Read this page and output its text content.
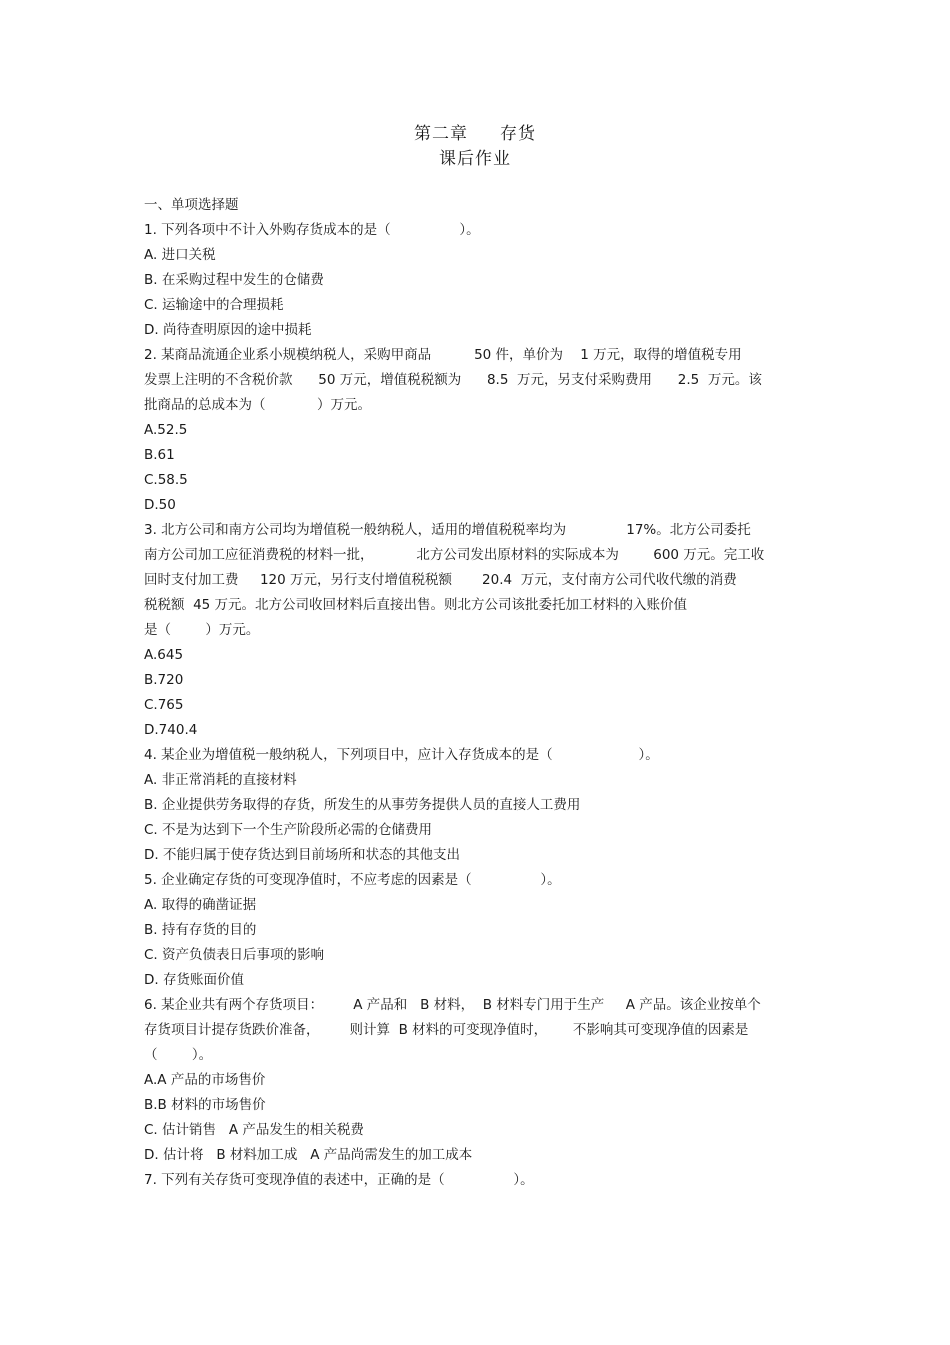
第二章     存货
课后作业
一、单项选择题
1. 下列各项中不计入外购存货成本的是（                ）。
A. 进口关税
B. 在采购过程中发生的仓储费
C. 运输途中的合理损耗
D. 尚待查明原因的途中损耗
2. 某商品流通企业系小规模纳税人，采购甲商品          50 件，单价为    1 万元，取得的增值税专用
发票上注明的不含税价款      50 万元，增值税税额为      8.5  万元，另支付采购费用      2.5  万元。该
批商品的总成本为（            ）万元。
A.52.5
B.61
C.58.5
D.50
3. 北方公司和南方公司均为增值税一般纳税人，适用的增值税税率均为              17%。北方公司委托
南方公司加工应征消费税的材料一批，          北方公司发出原材料的实际成本为        600 万元。完工收
回时支付加工费     120 万元，另行支付增值税税额       20.4  万元，支付南方公司代收代缴的消费
税税额  45 万元。北方公司收回材料后直接出售。则北方公司该批委托加工材料的入账价值
是（        ）万元。
A.645
B.720
C.765
D.740.4
4. 某企业为增值税一般纳税人，下列项目中，应计入存货成本的是（                    ）。
A. 非正常消耗的直接材料
B. 企业提供劳务取得的存货，所发生的从事劳务提供人员的直接人工费用
C. 不是为达到下一个生产阶段所必需的仓储费用
D. 不能归属于使存货达到目前场所和状态的其他支出
5. 企业确定存货的可变现净值时，不应考虑的因素是（                ）。
A. 取得的确凿证据
B. 持有存货的目的
C. 资产负债表日后事项的影响
D. 存货账面价值
6. 某企业共有两个存货项目：       A 产品和   B 材料，  B 材料专门用于生产     A 产品。该企业按单个
存货项目计提存货跌价准备，       则计算  B 材料的可变现净值时，      不影响其可变现净值的因素是
（        ）。
A.A 产品的市场售价
B.B 材料的市场售价
C. 估计销售   A 产品发生的相关税费
D. 估计将   B 材料加工成   A 产品尚需发生的加工成本
7. 下列有关存货可变现净值的表述中，正确的是（                ）。
